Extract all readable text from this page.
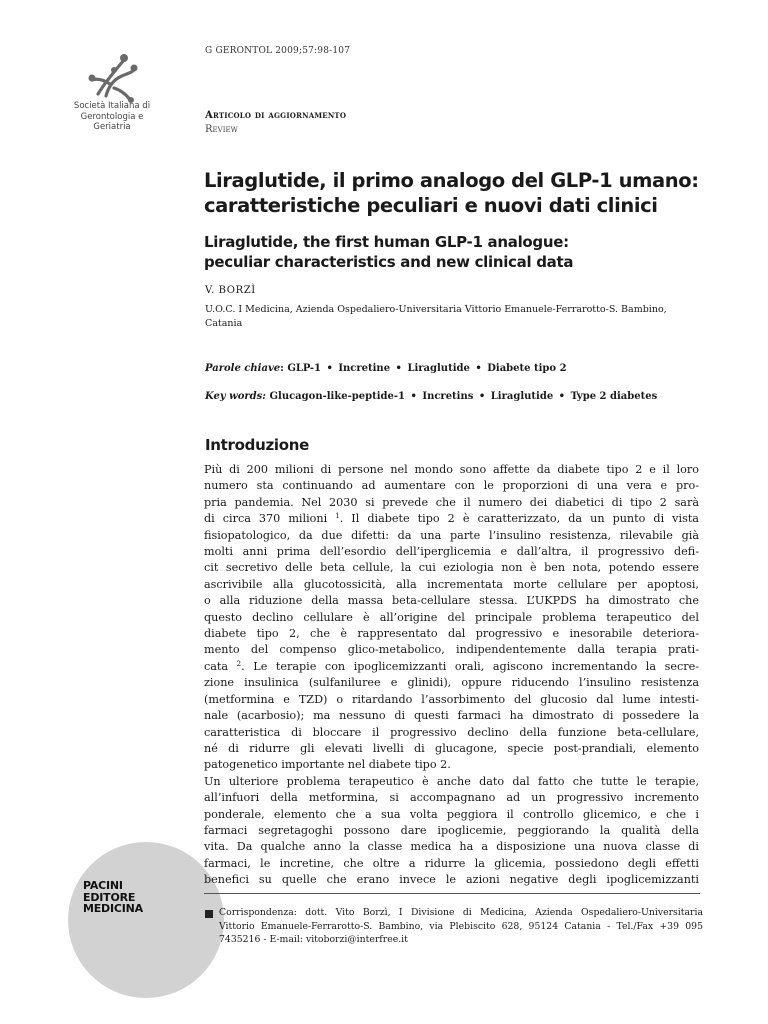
Società Italiana di
Gerontologia e
Geriatria
PACINI
EDITORE
MEDICINA
G GERONTOL 2009;57:98-107
Articolo di aggiornamento
Review
Liraglutide, il primo analogo del GLP-1 umano:
caratteristiche peculiari e nuovi dati clinici
Liraglutide, the first human GLP-1 analogue:
peculiar characteristics and new clinical data
V. BORZÌ
U.O.C. I Medicina, Azienda Ospedaliero-Universitaria Vittorio Emanuele-Ferrarotto-S. Bambino, Catania
Parole chiave: GLP-1 • Incretine • Liraglutide • Diabete tipo 2
Key words: Glucagon-like-peptide-1 • Incretins • Liraglutide • Type 2 diabetes
Introduzione
Più di 200 milioni di persone nel mondo sono affette da diabete tipo 2 e il loro
numero sta continuando ad aumentare con le proporzioni di una vera e pro-
pria pandemia. Nel 2030 si prevede che il numero dei diabetici di tipo 2 sarà
di circa 370 milioni $^1$. Il diabete tipo 2 è caratterizzato, da un punto di vista
fisiopatologico, da due difetti: da una parte l’insulino resistenza, rilevabile già
molti anni prima dell’esordio dell’iperglicemia e dall’altra, il progressivo defi-
cit secretivo delle beta cellule, la cui eziologia non è ben nota, potendo essere
ascrivibile alla glucotossicità, alla incrementata morte cellulare per apoptosi,
o alla riduzione della massa beta-cellulare stessa. L’UKPDS ha dimostrato che
questo declino cellulare è all’origine del principale problema terapeutico del
diabete tipo 2, che è rappresentato dal progressivo e inesorabile deteriora-
mento del compenso glico-metabolico, indipendentemente dalla terapia prati-
cata $^2$. Le terapie con ipoglicemizzanti orali, agiscono incrementando la secre-
zione insulinica (sulfaniluree e glinidi), oppure riducendo l’insulino resistenza
(metformina e TZD) o ritardando l’assorbimento del glucosio dal lume intesti-
nale (acarbosio); ma nessuno di questi farmaci ha dimostrato di possedere la
caratteristica di bloccare il progressivo declino della funzione beta-cellulare,
né di ridurre gli elevati livelli di glucagone, specie post-prandiali, elemento
patogenetico importante nel diabete tipo 2.
Un ulteriore problema terapeutico è anche dato dal fatto che tutte le terapie,
all’infuori della metformina, si accompagnano ad un progressivo incremento
ponderale, elemento che a sua volta peggiora il controllo glicemico, e che i
farmaci segretagoghi possono dare ipoglicemie, peggiorando la qualità della
vita. Da qualche anno la classe medica ha a disposizione una nuova classe di
farmaci, le incretine, che oltre a ridurre la glicemia, possiedono degli effetti
benefici su quelle che erano invece le azioni negative degli ipoglicemizzanti
Corrispondenza: dott. Vito Borzì, I Divisione di Medicina, Azienda Ospedaliero-Universitaria
Vittorio Emanuele-Ferrarotto-S. Bambino, via Plebiscito 628, 95124 Catania - Tel./Fax +39 095
7435216 - E-mail: vitoborzi@interfree.it
